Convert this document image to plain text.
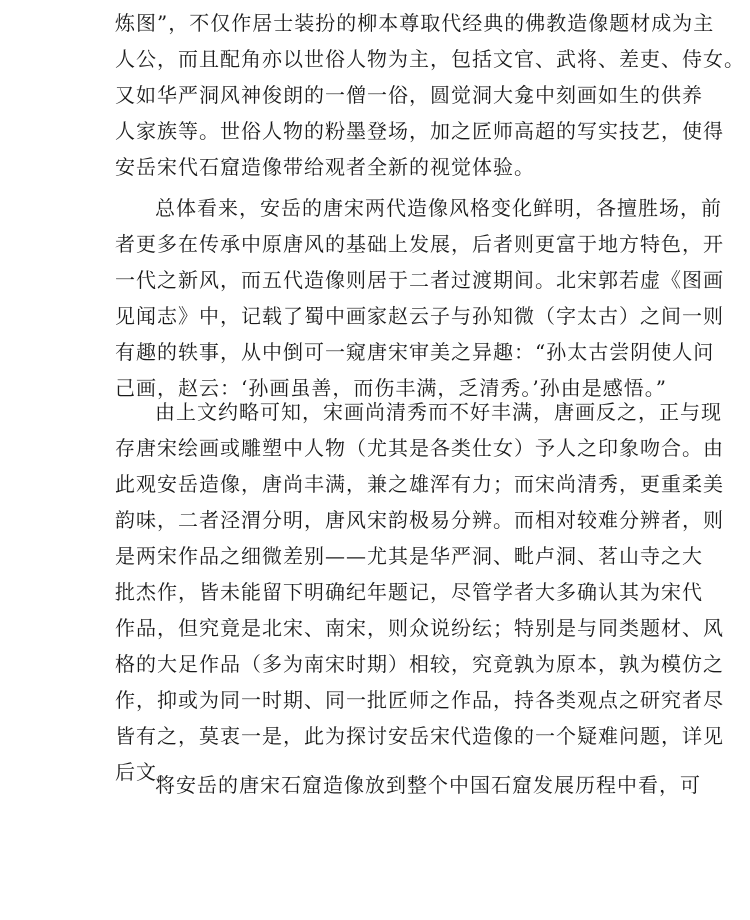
炼图”，不仅作居士装扮的柳本尊取代经典的佛教造像题材成为主
人公，而且配角亦以世俗人物为主，包括文官、武将、差吏、侍女。
又如华严洞风神俊朗的一僧一俗，圆觉洞大龛中刻画如生的供养
人家族等。世俗人物的粉墨登场，加之匠师高超的写实技艺，使得
安岳宋代石窟造像带给观者全新的视觉体验。
总体看来，安岳的唐宋两代造像风格变化鲜明，各擅胜场，前
者更多在传承中原唐风的基础上发展，后者则更富于地方特色，开
一代之新风，而五代造像则居于二者过渡期间。北宋郭若虚《图画
见闻志》中，记载了蜀中画家赵云子与孙知微（字太古）之间一则
有趣的轶事，从中倒可一窥唐宋审美之异趣：“孙太古尝阴使人问
己画，赵云：‘孙画虽善，而伤丰满，乏清秀。’孙由是感悟。”
由上文约略可知，宋画尚清秀而不好丰满，唐画反之，正与现
存唐宋绘画或雕塑中人物（尤其是各类仕女）予人之印象吻合。由
此观安岳造像，唐尚丰满，兼之雄浑有力；而宋尚清秀，更重柔美
韵味，二者泾渭分明，唐风宋韵极易分辨。而相对较难分辨者，则
是两宋作品之细微差别——尤其是华严洞、毗卢洞、茗山寺之大
批杰作，皆未能留下明确纪年题记，尽管学者大多确认其为宋代
作品，但究竟是北宋、南宋，则众说纷纭；特别是与同类题材、风
格的大足作品（多为南宋时期）相较，究竟孰为原本，孰为模仿之
作，抑或为同一时期、同一批匠师之作品，持各类观点之研究者尽
皆有之，莫衷一是，此为探讨安岳宋代造像的一个疑难问题，详见
后文。
将安岳的唐宋石窟造像放到整个中国石窟发展历程中看，可
